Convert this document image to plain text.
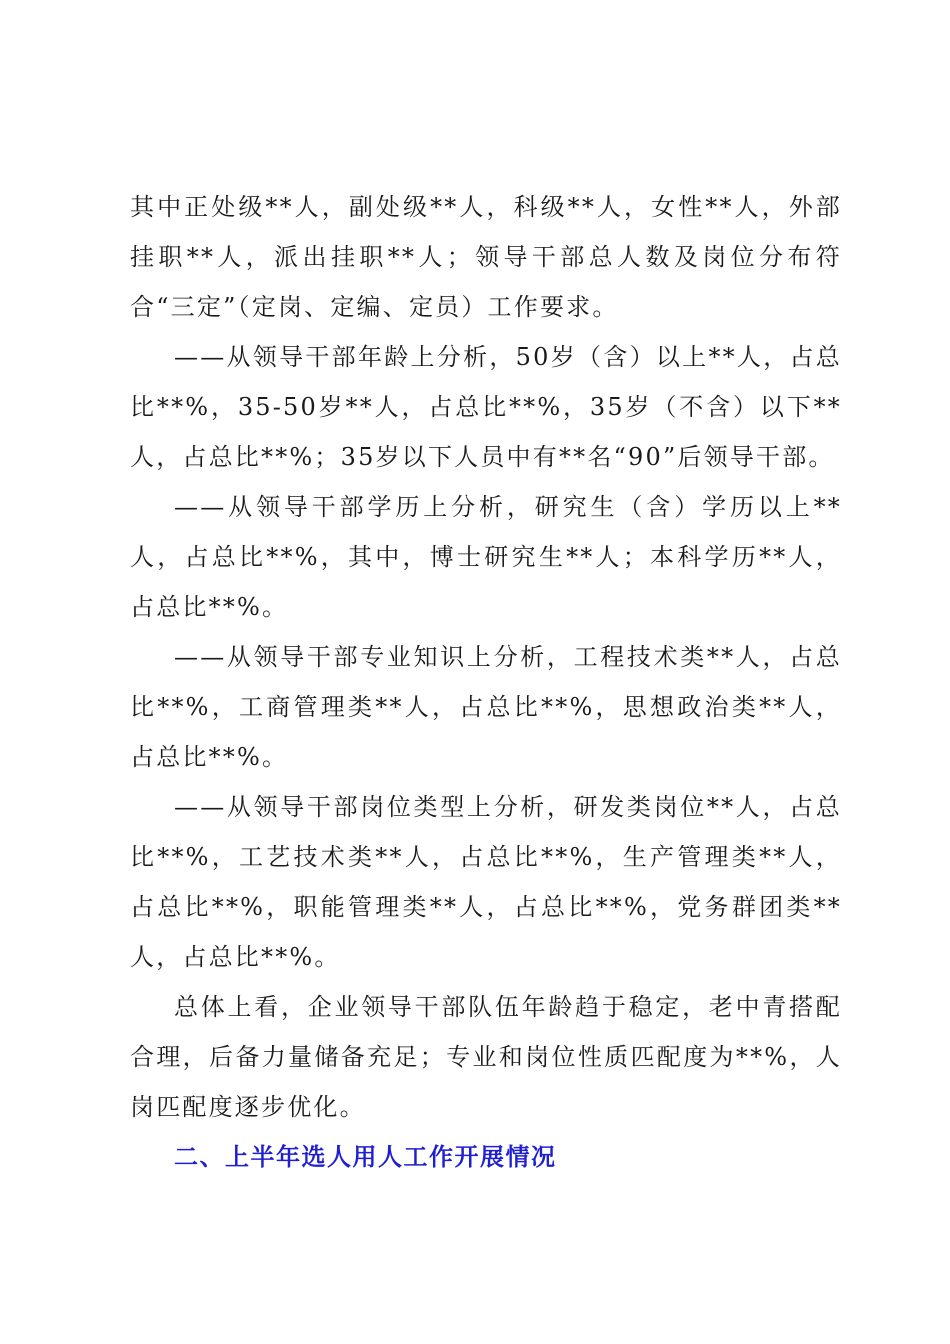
其中正处级**人，副处级**人，科级**人，女性**人，外部挂职**人，派出挂职**人；领导干部总人数及岗位分布符合“三定”（定岗、定编、定员）工作要求。

——从领导干部年龄上分析，50岁（含）以上**人，占总比**%，35-50岁**人，占总比**%，35岁（不含）以下**人，占总比**%；35岁以下人员中有**名“90”后领导干部。

——从领导干部学历上分析，研究生（含）学历以上**人，占总比**%，其中，博士研究生**人；本科学历**人，占总比**%。

——从领导干部专业知识上分析，工程技术类**人，占总比**%，工商管理类**人，占总比**%，思想政治类**人，占总比**%。

——从领导干部岗位类型上分析，研发类岗位**人，占总比**%，工艺技术类**人，占总比**%，生产管理类**人，占总比**%，职能管理类**人，占总比**%，党务群团类**人，占总比**%。

总体上看，企业领导干部队伍年龄趋于稳定，老中青搭配合理，后备力量储备充足；专业和岗位性质匹配度为**%，人岗匹配度逐步优化。

二、上半年选人用人工作开展情况
